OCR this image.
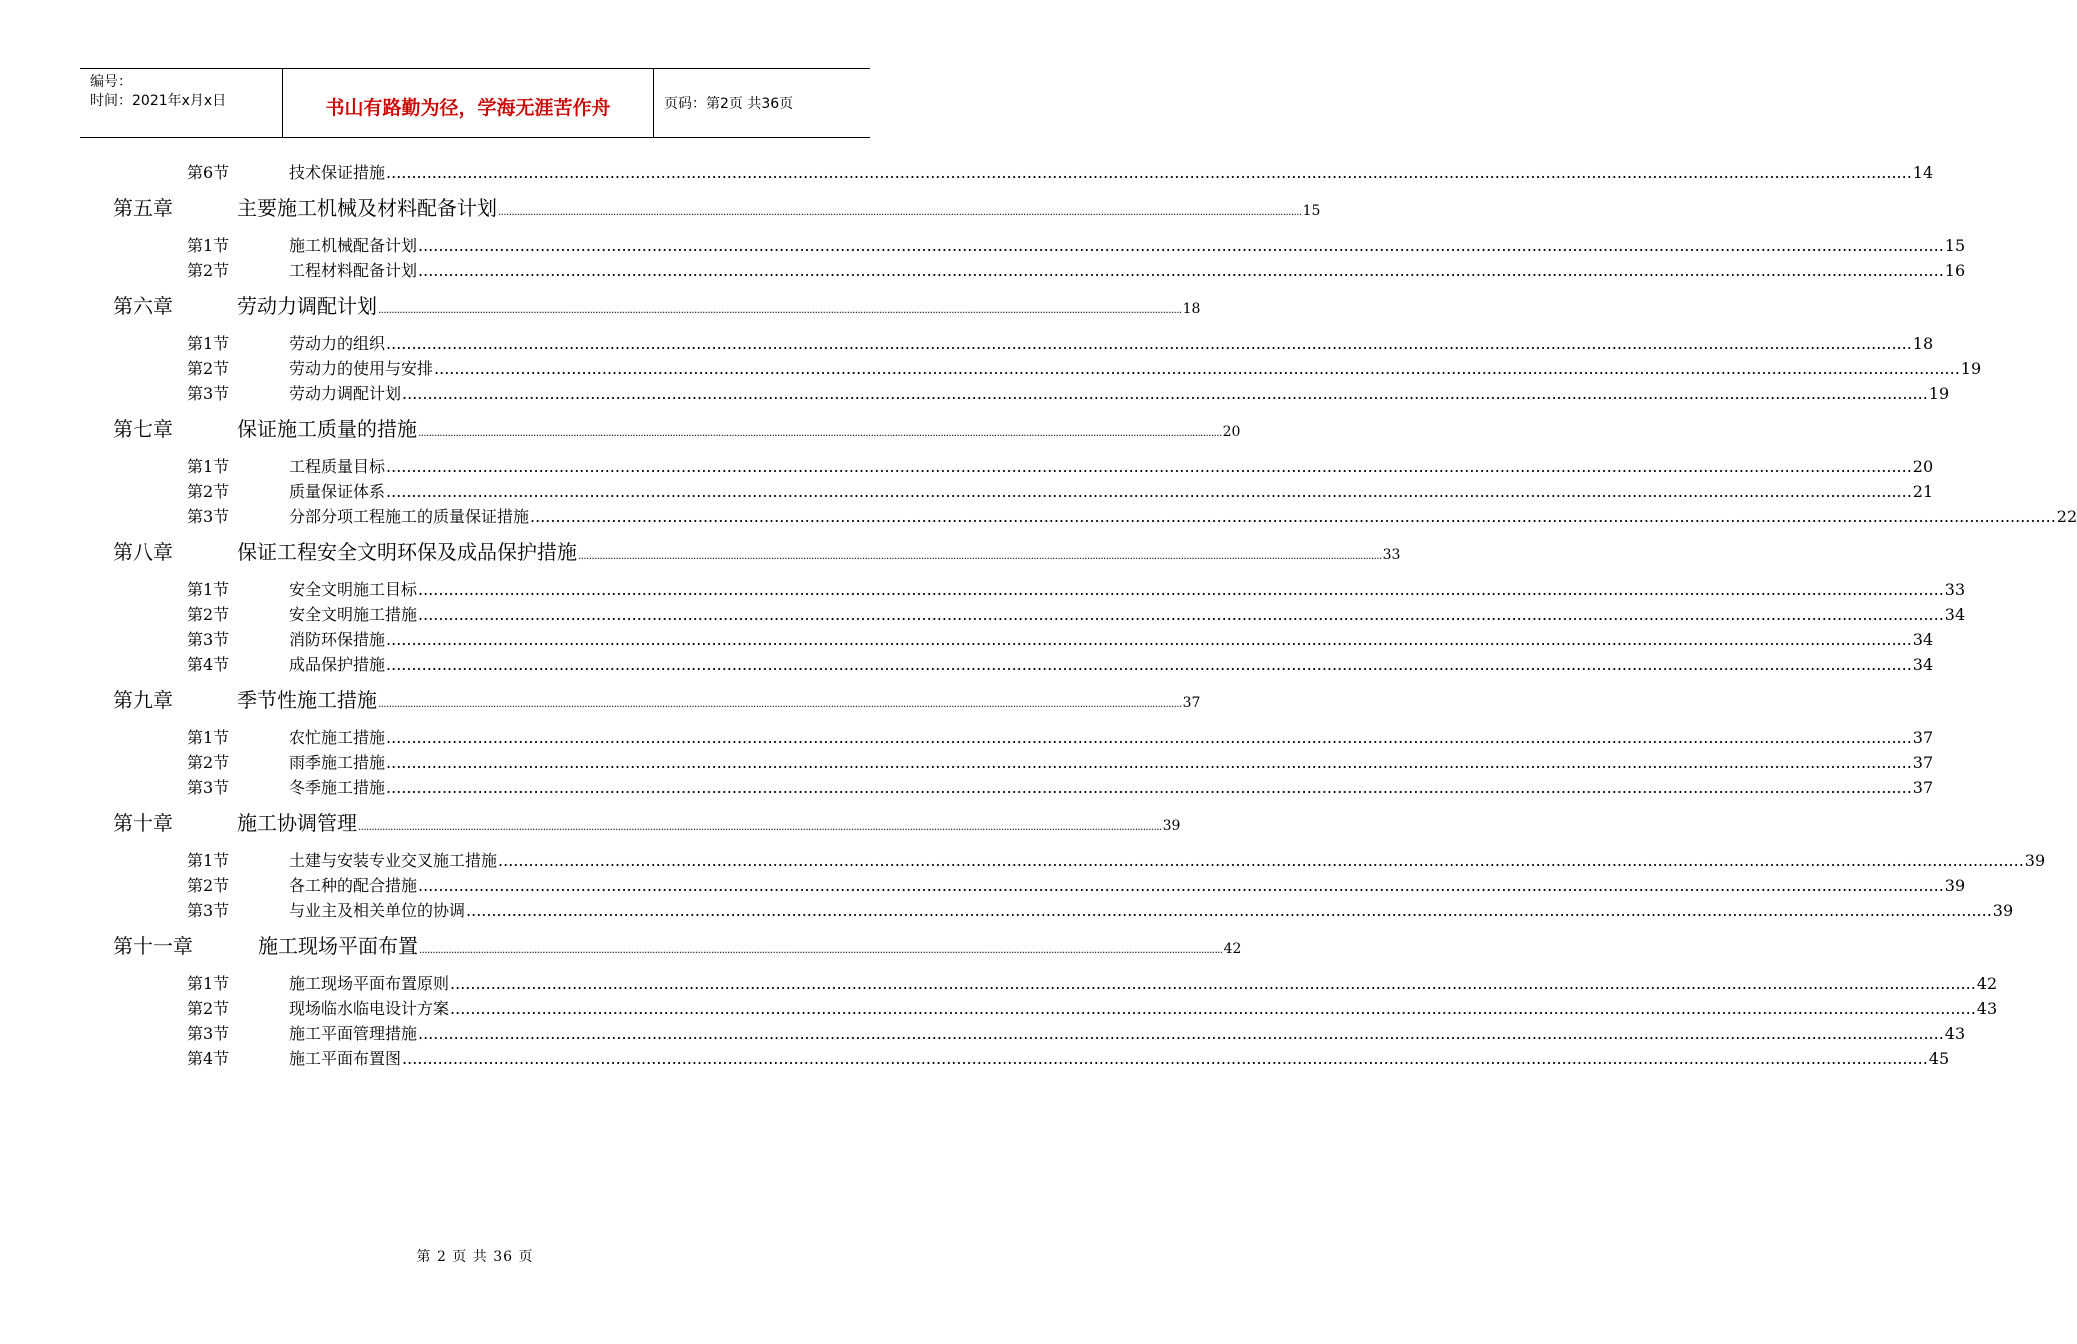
编号：
时间：2021年x月x日	书山有路勤为径，学海无涯苦作舟	页码：第2页 共36页
第6节	技术保证措施 ............................................................................................................................................................................................................................................................................................................ 14
第五章	主要施工机械及材料配备计划 ............................................................................................................................................................................................................................................................................................................ 15
第1节	施工机械配备计划 ............................................................................................................................................................................................................................................................................................................ 15
第2节	工程材料配备计划 ............................................................................................................................................................................................................................................................................................................ 16
第六章	劳动力调配计划 ............................................................................................................................................................................................................................................................................................................ 18
第1节	劳动力的组织 ............................................................................................................................................................................................................................................................................................................ 18
第2节	劳动力的使用与安排 ............................................................................................................................................................................................................................................................................................................ 19
第3节	劳动力调配计划 ............................................................................................................................................................................................................................................................................................................ 19
第七章	保证施工质量的措施 ............................................................................................................................................................................................................................................................................................................ 20
第1节	工程质量目标 ............................................................................................................................................................................................................................................................................................................ 20
第2节	质量保证体系 ............................................................................................................................................................................................................................................................................................................ 21
第3节	分部分项工程施工的质量保证措施 ............................................................................................................................................................................................................................................................................................................ 22
第八章	保证工程安全文明环保及成品保护措施 ............................................................................................................................................................................................................................................................................................................ 33
第1节	安全文明施工目标 ............................................................................................................................................................................................................................................................................................................ 33
第2节	安全文明施工措施 ............................................................................................................................................................................................................................................................................................................ 34
第3节	消防环保措施 ............................................................................................................................................................................................................................................................................................................ 34
第4节	成品保护措施 ............................................................................................................................................................................................................................................................................................................ 34
第九章	季节性施工措施 ............................................................................................................................................................................................................................................................................................................ 37
第1节	农忙施工措施 ............................................................................................................................................................................................................................................................................................................ 37
第2节	雨季施工措施 ............................................................................................................................................................................................................................................................................................................ 37
第3节	冬季施工措施 ............................................................................................................................................................................................................................................................................................................ 37
第十章	施工协调管理 ............................................................................................................................................................................................................................................................................................................ 39
第1节	土建与安装专业交叉施工措施 ............................................................................................................................................................................................................................................................................................................ 39
第2节	各工种的配合措施 ............................................................................................................................................................................................................................................................................................................ 39
第3节	与业主及相关单位的协调 ............................................................................................................................................................................................................................................................................................................ 39
第十一章	施工现场平面布置 ............................................................................................................................................................................................................................................................................................................ 42
第1节	施工现场平面布置原则 ............................................................................................................................................................................................................................................................................................................ 42
第2节	现场临水临电设计方案 ............................................................................................................................................................................................................................................................................................................ 43
第3节	施工平面管理措施 ............................................................................................................................................................................................................................................................................................................ 43
第4节	施工平面布置图 ............................................................................................................................................................................................................................................................................................................ 45
第 2 页 共 36 页
